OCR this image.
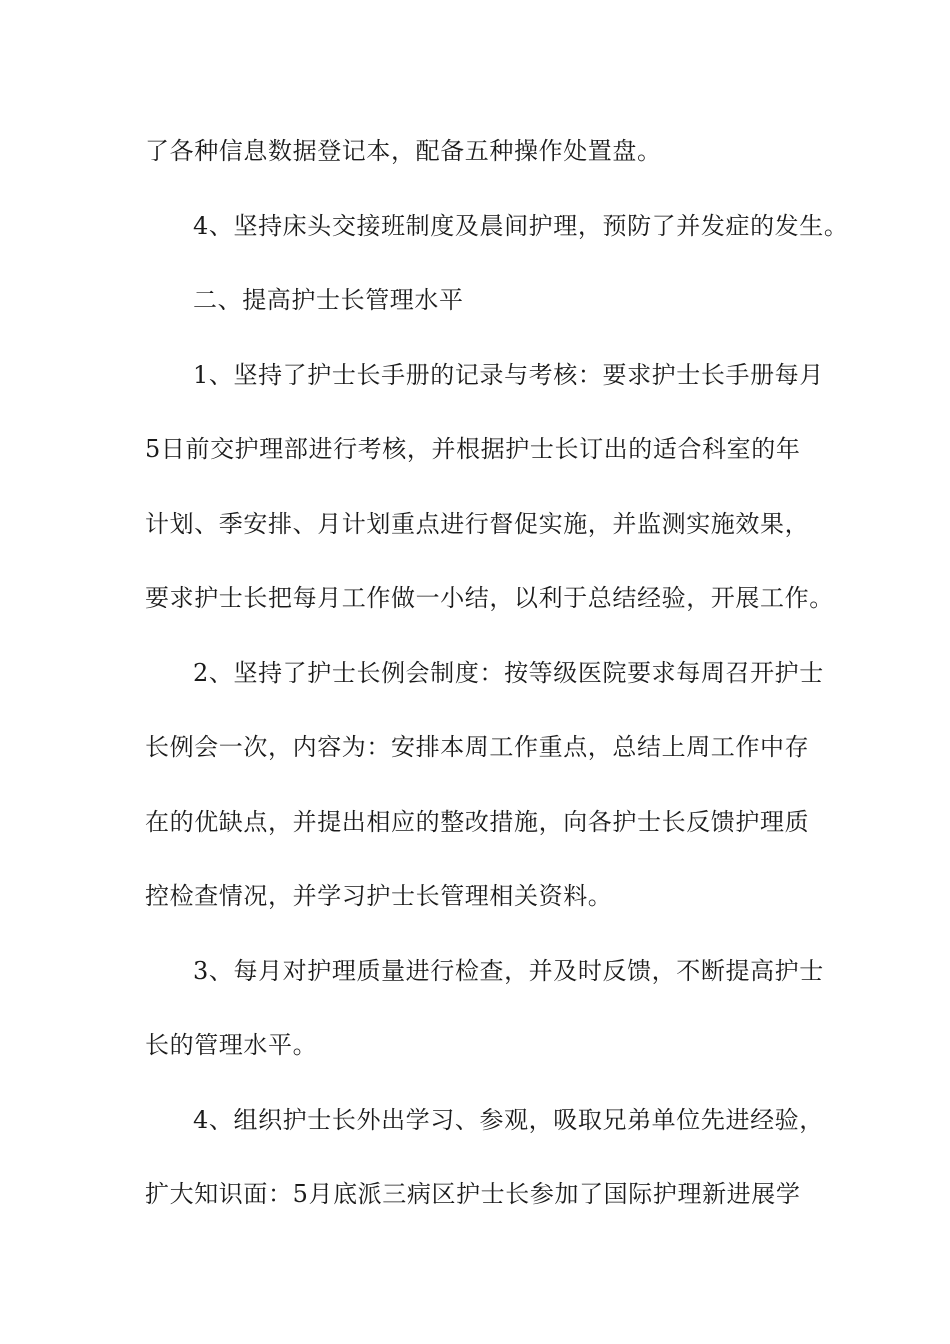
了各种信息数据登记本，配备五种操作处置盘。
4、坚持床头交接班制度及晨间护理，预防了并发症的发生。
二、提高护士长管理水平
1、坚持了护士长手册的记录与考核：要求护士长手册每月
5日前交护理部进行考核，并根据护士长订出的适合科室的年
计划、季安排、月计划重点进行督促实施，并监测实施效果，
要求护士长把每月工作做一小结，以利于总结经验，开展工作。
2、坚持了护士长例会制度：按等级医院要求每周召开护士
长例会一次，内容为：安排本周工作重点，总结上周工作中存
在的优缺点，并提出相应的整改措施，向各护士长反馈护理质
控检查情况，并学习护士长管理相关资料。
3、每月对护理质量进行检查，并及时反馈，不断提高护士
长的管理水平。
4、组织护士长外出学习、参观，吸取兄弟单位先进经验，
扩大知识面：5月底派三病区护士长参加了国际护理新进展学
